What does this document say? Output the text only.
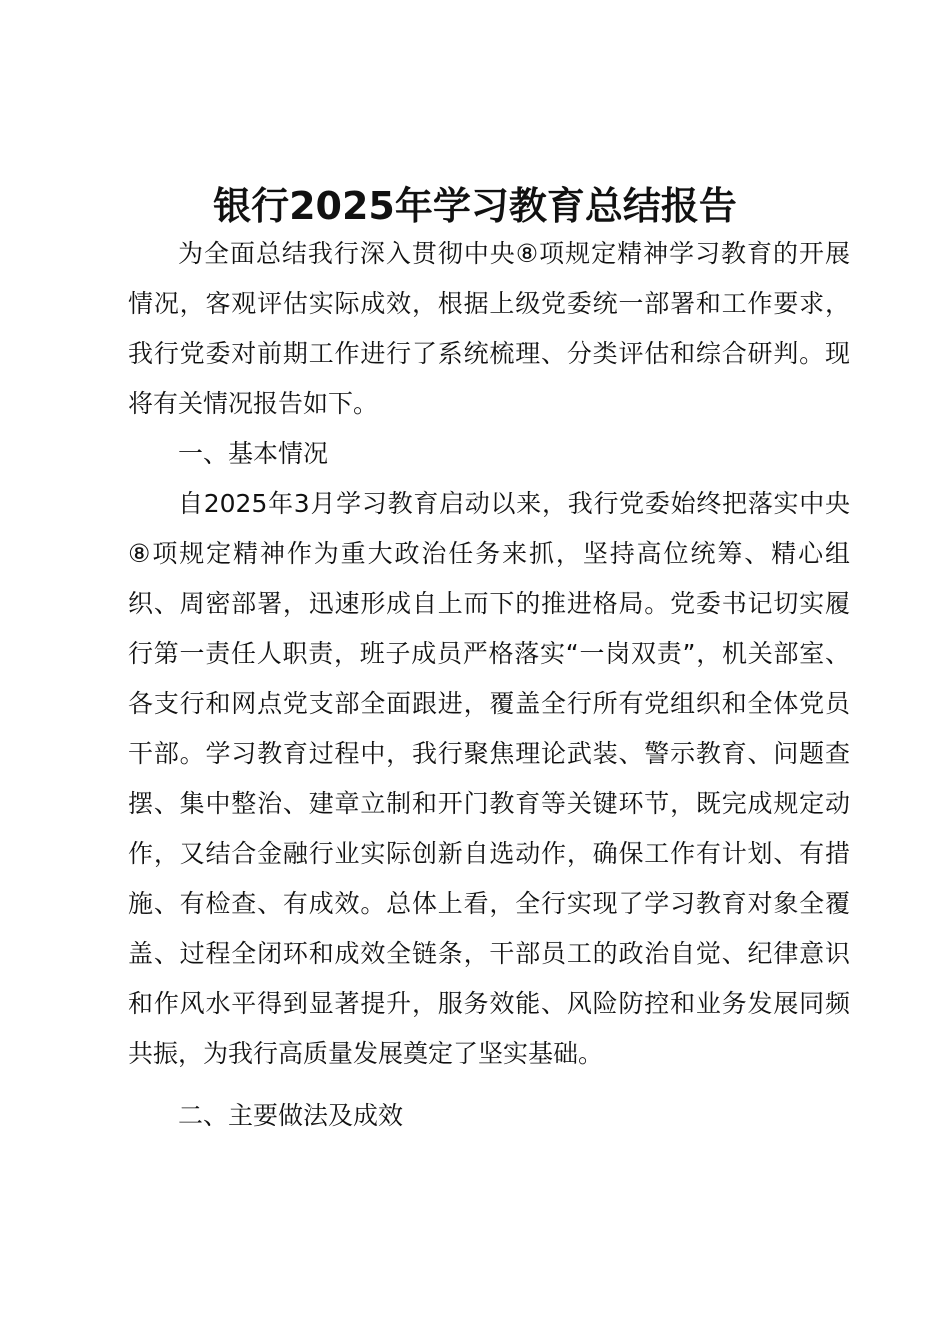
银行2025年学习教育总结报告

为全面总结我行深入贯彻中央⑧项规定精神学习教育的开展情况，客观评估实际成效，根据上级党委统一部署和工作要求，我行党委对前期工作进行了系统梳理、分类评估和综合研判。现将有关情况报告如下。

一、基本情况

自2025年3月学习教育启动以来，我行党委始终把落实中央⑧项规定精神作为重大政治任务来抓，坚持高位统筹、精心组织、周密部署，迅速形成自上而下的推进格局。党委书记切实履行第一责任人职责，班子成员严格落实“一岗双责”，机关部室、各支行和网点党支部全面跟进，覆盖全行所有党组织和全体党员干部。学习教育过程中，我行聚焦理论武装、警示教育、问题查摆、集中整治、建章立制和开门教育等关键环节，既完成规定动作，又结合金融行业实际创新自选动作，确保工作有计划、有措施、有检查、有成效。总体上看，全行实现了学习教育对象全覆盖、过程全闭环和成效全链条，干部员工的政治自觉、纪律意识和作风水平得到显著提升，服务效能、风险防控和业务发展同频共振，为我行高质量发展奠定了坚实基础。

二、主要做法及成效
